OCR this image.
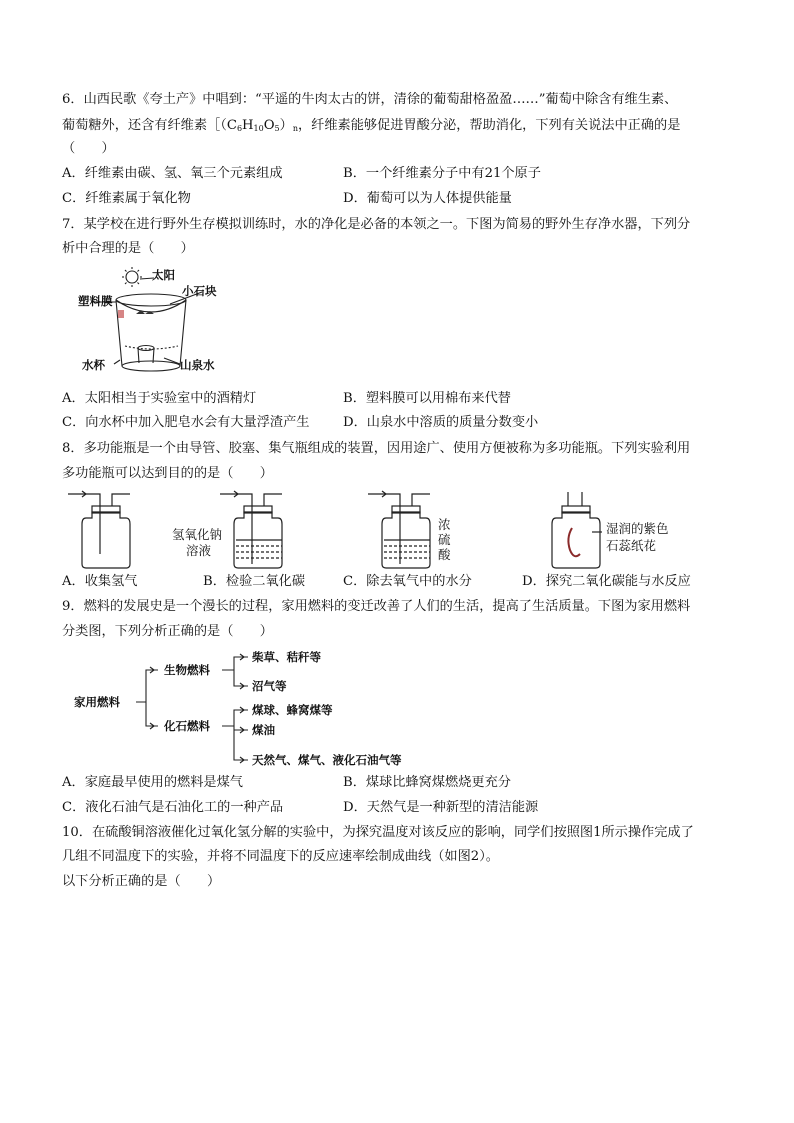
6．山西民歌《夸土产》中唱到：“平遥的牛肉太古的饼，清徐的葡萄甜格盈盈……”葡萄中除含有维生素、
葡萄糖外，还含有纤维素$[(C_6H_{10}O_5)_n$，纤维素能够促进胃酸分泌，帮助消化，下列有关说法中正确的是
（　　）
A．纤维素由碳、氢、氧三个元素组成	B．一个纤维素分子中有21个原子
C．纤维素属于氧化物	D．葡萄可以为人体提供能量
7．某学校在进行野外生存模拟训练时，水的净化是必备的本领之一。下图为简易的野外生存净水器，下列分
析中合理的是（　　）
太阳
塑料膜
小石块
水杯	山泉水
A．太阳相当于实验室中的酒精灯	B．塑料膜可以用棉布来代替
C．向水杯中加入肥皂水会有大量浮渣产生	D．山泉水中溶质的质量分数变小
8．多功能瓶是一个由导管、胶塞、集气瓶组成的装置，因用途广、使用方便被称为多功能瓶。下列实验利用
多功能瓶可以达到目的的是（　　）
氢氧化钠
溶液
浓
硫
酸
湿润的紫色
石蕊纸花
A．收集氢气	B．检验二氧化碳	C．除去氧气中的水分	D．探究二氧化碳能与水反应
9．燃料的发展史是一个漫长的过程，家用燃料的变迁改善了人们的生活，提高了生活质量。下图为家用燃料
分类图，下列分析正确的是（　　）
家用燃料
生物燃料
化石燃料
柴草、秸秆等
沼气等
煤球、蜂窝煤等
煤油
天然气、煤气、液化石油气等
A．家庭最早使用的燃料是煤气	B．煤球比蜂窝煤燃烧更充分
C．液化石油气是石油化工的一种产品	D．天然气是一种新型的清洁能源
10．在硫酸铜溶液催化过氧化氢分解的实验中，为探究温度对该反应的影响，同学们按照图1所示操作完成了
几组不同温度下的实验，并将不同温度下的反应速率绘制成曲线（如图2）。
以下分析正确的是（　　）
